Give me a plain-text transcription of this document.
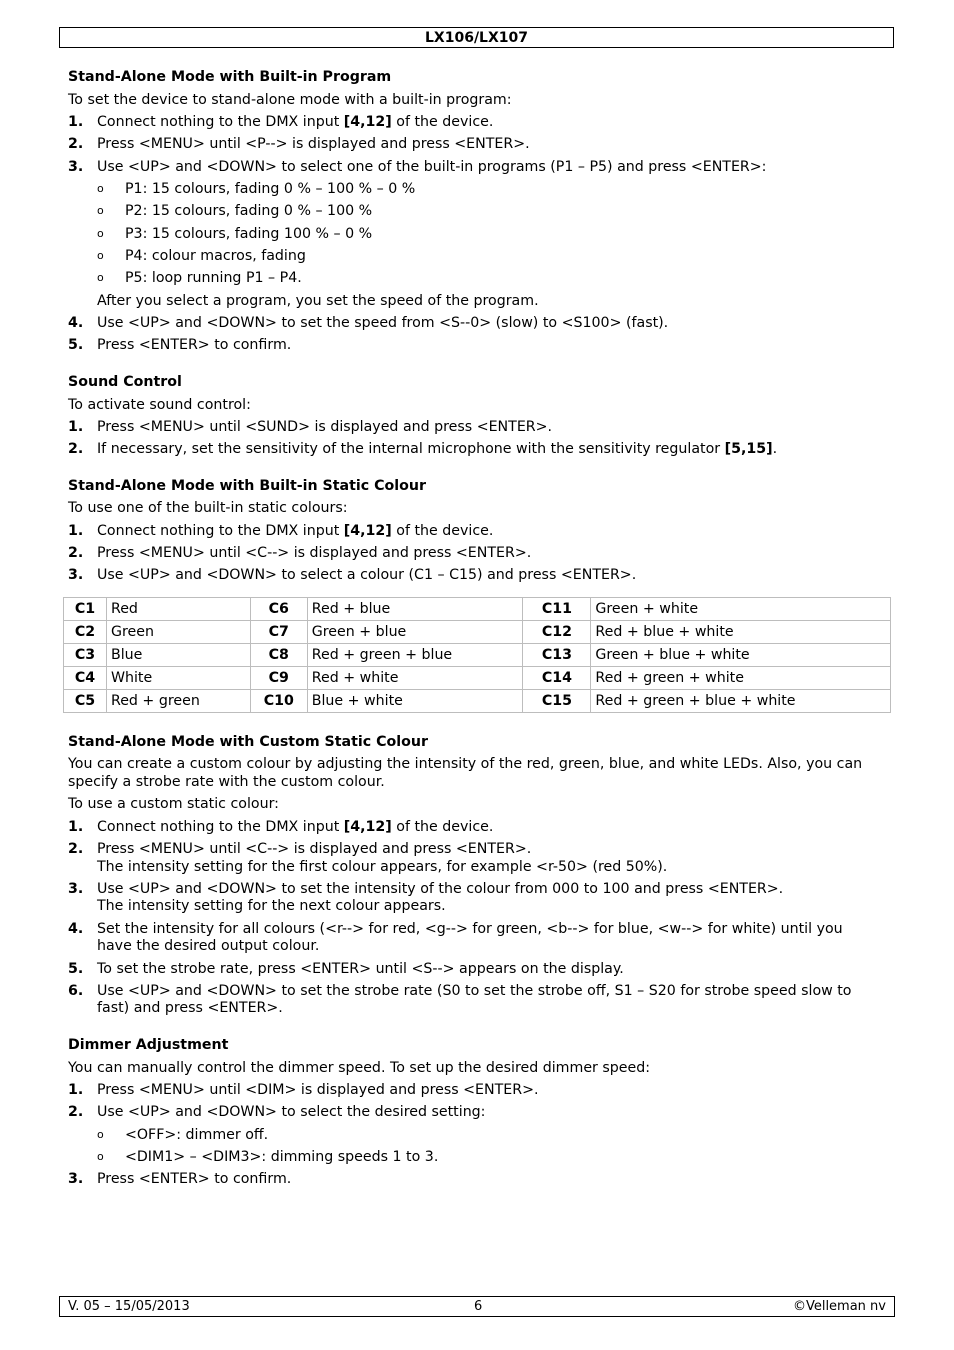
LX106/LX107
Stand-Alone Mode with Built-in Program
To set the device to stand-alone mode with a built-in program:
1. Connect nothing to the DMX input [4,12] of the device.
2. Press <MENU> until <P--> is displayed and press <ENTER>.
3. Use <UP> and <DOWN> to select one of the built-in programs (P1 – P5) and press <ENTER>:
o P1: 15 colours, fading 0 % – 100 % – 0 %
o P2: 15 colours, fading 0 % – 100 %
o P3: 15 colours, fading 100 % – 0 %
o P4: colour macros, fading
o P5: loop running P1 – P4.
After you select a program, you set the speed of the program.
4. Use <UP> and <DOWN> to set the speed from <S--0> (slow) to <S100> (fast).
5. Press <ENTER> to confirm.
Sound Control
To activate sound control:
1. Press <MENU> until <SUND> is displayed and press <ENTER>.
2. If necessary, set the sensitivity of the internal microphone with the sensitivity regulator [5,15].
Stand-Alone Mode with Built-in Static Colour
To use one of the built-in static colours:
1. Connect nothing to the DMX input [4,12] of the device.
2. Press <MENU> until <C--> is displayed and press <ENTER>.
3. Use <UP> and <DOWN> to select a colour (C1 – C15) and press <ENTER>.
C1	Red	C6	Red + blue	C11	Green + white
C2	Green	C7	Green + blue	C12	Red + blue + white
C3	Blue	C8	Red + green + blue	C13	Green + blue + white
C4	White	C9	Red + white	C14	Red + green + white
C5	Red + green	C10	Blue + white	C15	Red + green + blue + white
Stand-Alone Mode with Custom Static Colour
You can create a custom colour by adjusting the intensity of the red, green, blue, and white LEDs. Also, you can
specify a strobe rate with the custom colour.
To use a custom static colour:
1. Connect nothing to the DMX input [4,12] of the device.
2. Press <MENU> until <C--> is displayed and press <ENTER>.
The intensity setting for the first colour appears, for example <r-50> (red 50%).
3. Use <UP> and <DOWN> to set the intensity of the colour from 000 to 100 and press <ENTER>.
The intensity setting for the next colour appears.
4. Set the intensity for all colours (<r--> for red, <g--> for green, <b--> for blue, <w--> for white) until you
have the desired output colour.
5. To set the strobe rate, press <ENTER> until <S--> appears on the display.
6. Use <UP> and <DOWN> to set the strobe rate (S0 to set the strobe off, S1 – S20 for strobe speed slow to
fast) and press <ENTER>.
Dimmer Adjustment
You can manually control the dimmer speed. To set up the desired dimmer speed:
1. Press <MENU> until <DIM> is displayed and press <ENTER>.
2. Use <UP> and <DOWN> to select the desired setting:
o <OFF>: dimmer off.
o <DIM1> – <DIM3>: dimming speeds 1 to 3.
3. Press <ENTER> to confirm.
V. 05 – 15/05/2013	6	©Velleman nv
